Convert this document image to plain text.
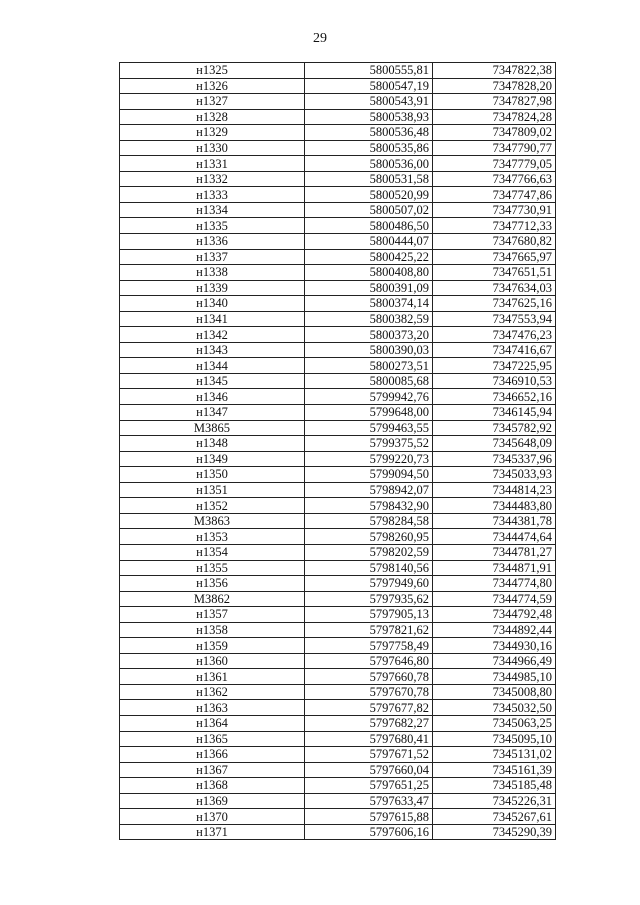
29
н1325	5800555,81	7347822,38
н1326	5800547,19	7347828,20
н1327	5800543,91	7347827,98
н1328	5800538,93	7347824,28
н1329	5800536,48	7347809,02
н1330	5800535,86	7347790,77
н1331	5800536,00	7347779,05
н1332	5800531,58	7347766,63
н1333	5800520,99	7347747,86
н1334	5800507,02	7347730,91
н1335	5800486,50	7347712,33
н1336	5800444,07	7347680,82
н1337	5800425,22	7347665,97
н1338	5800408,80	7347651,51
н1339	5800391,09	7347634,03
н1340	5800374,14	7347625,16
н1341	5800382,59	7347553,94
н1342	5800373,20	7347476,23
н1343	5800390,03	7347416,67
н1344	5800273,51	7347225,95
н1345	5800085,68	7346910,53
н1346	5799942,76	7346652,16
н1347	5799648,00	7346145,94
МЗ865	5799463,55	7345782,92
н1348	5799375,52	7345648,09
н1349	5799220,73	7345337,96
н1350	5799094,50	7345033,93
н1351	5798942,07	7344814,23
н1352	5798432,90	7344483,80
МЗ863	5798284,58	7344381,78
н1353	5798260,95	7344474,64
н1354	5798202,59	7344781,27
н1355	5798140,56	7344871,91
н1356	5797949,60	7344774,80
МЗ862	5797935,62	7344774,59
н1357	5797905,13	7344792,48
н1358	5797821,62	7344892,44
н1359	5797758,49	7344930,16
н1360	5797646,80	7344966,49
н1361	5797660,78	7344985,10
н1362	5797670,78	7345008,80
н1363	5797677,82	7345032,50
н1364	5797682,27	7345063,25
н1365	5797680,41	7345095,10
н1366	5797671,52	7345131,02
н1367	5797660,04	7345161,39
н1368	5797651,25	7345185,48
н1369	5797633,47	7345226,31
н1370	5797615,88	7345267,61
н1371	5797606,16	7345290,39
